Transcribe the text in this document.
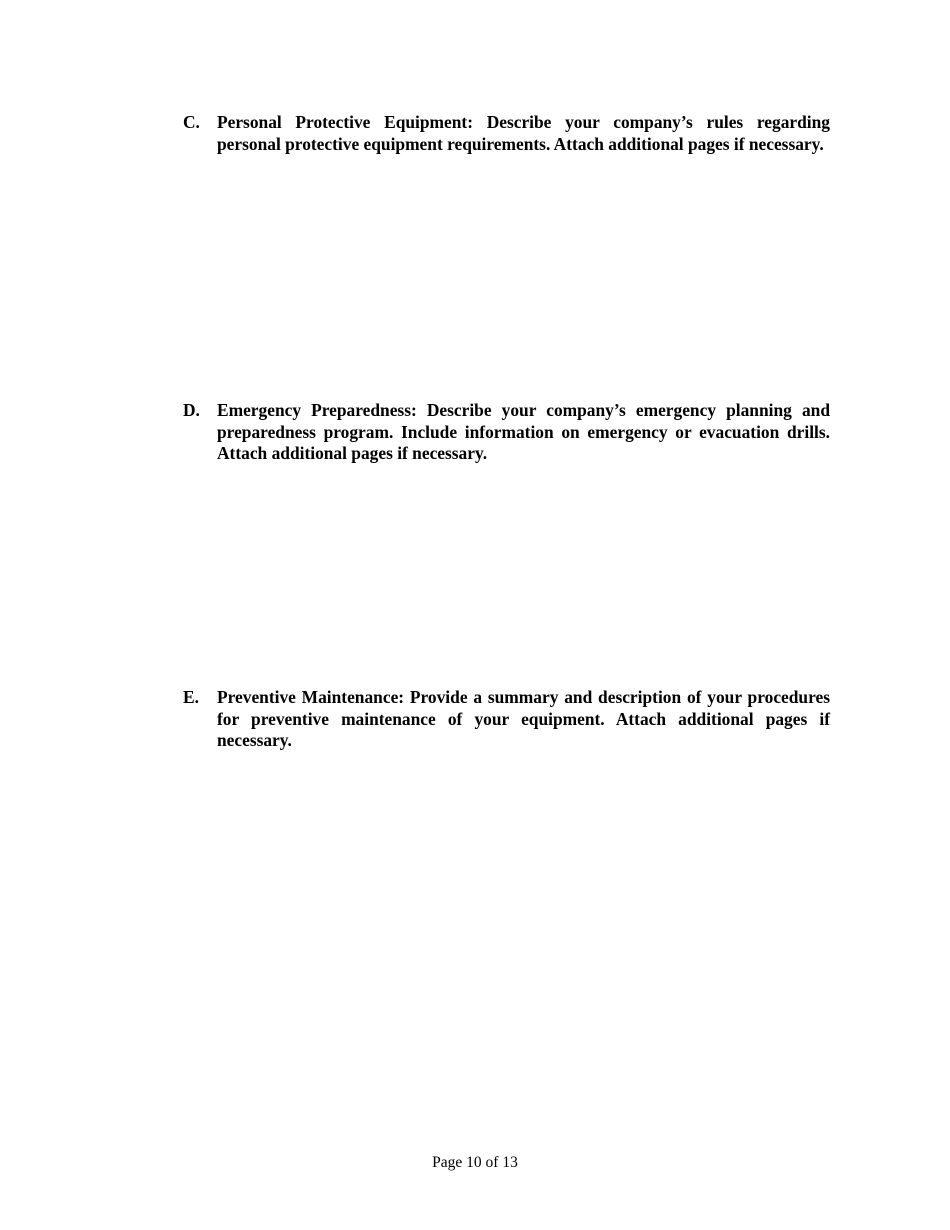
C. Personal Protective Equipment: Describe your company’s rules regarding personal protective equipment requirements. Attach additional pages if necessary.
D. Emergency Preparedness: Describe your company’s emergency planning and preparedness program. Include information on emergency or evacuation drills. Attach additional pages if necessary.
E.	Preventive Maintenance: Provide a summary and description of your procedures for preventive maintenance of your equipment. Attach additional pages if necessary.
Page 10 of 13
